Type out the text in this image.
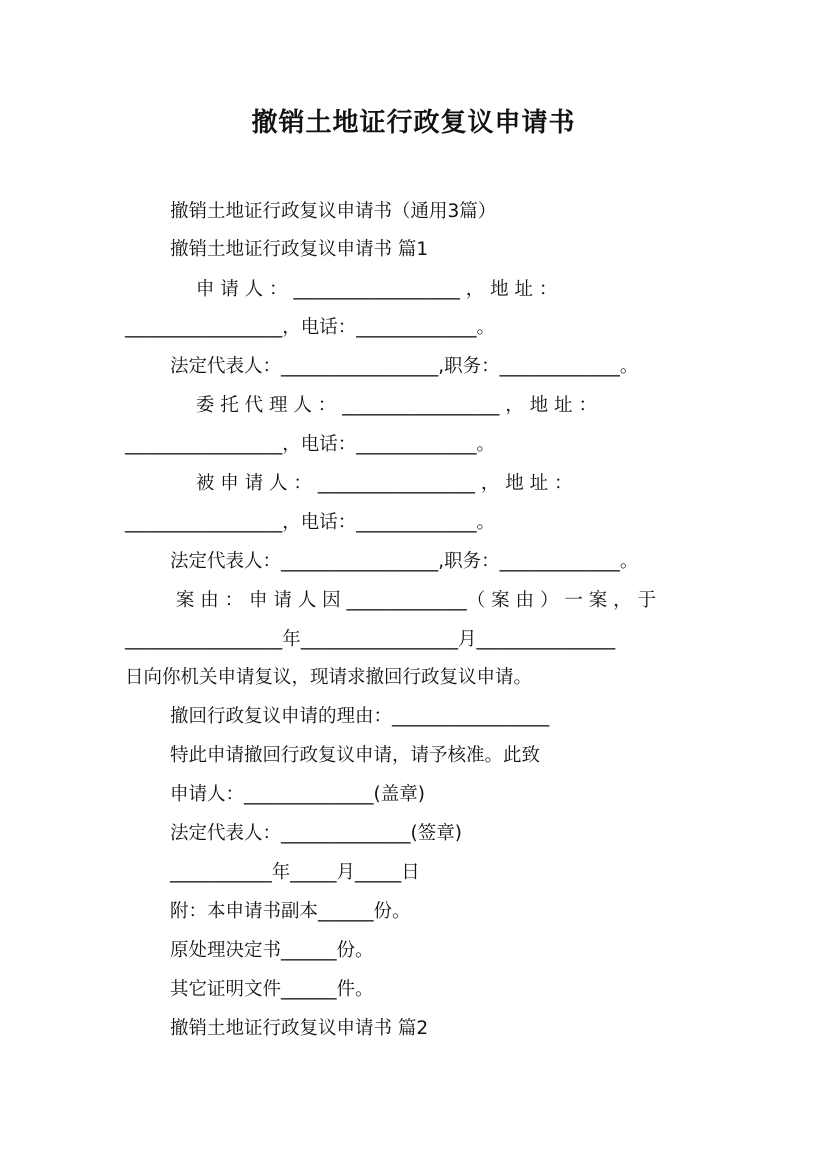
撤销土地证行政复议申请书
撤销土地证行政复议申请书（通用3篇）
撤销土地证行政复议申请书 篇1
申 请 人 ： __________________ ， 地 址 ：
_________________，电话：_____________。
法定代表人：_________________,职务：_____________。
委 托 代 理 人 ： _________________ ， 地 址 ：
_________________，电话：_____________。
被 申 请 人 ： _________________ ， 地 址 ：
_________________，电话：_____________。
法定代表人：_________________,职务：_____________。
案 由 ： 申 请 人 因 _____________（ 案 由 ） 一 案 ， 于
_________________年_________________月_______________
日向你机关申请复议，现请求撤回行政复议申请。
撤回行政复议申请的理由：_________________
特此申请撤回行政复议申请，请予核准。此致
申请人：______________(盖章)
法定代表人：______________(签章)
___________年_____月_____日
附：本申请书副本______份。
原处理决定书______份。
其它证明文件______件。
撤销土地证行政复议申请书 篇2
